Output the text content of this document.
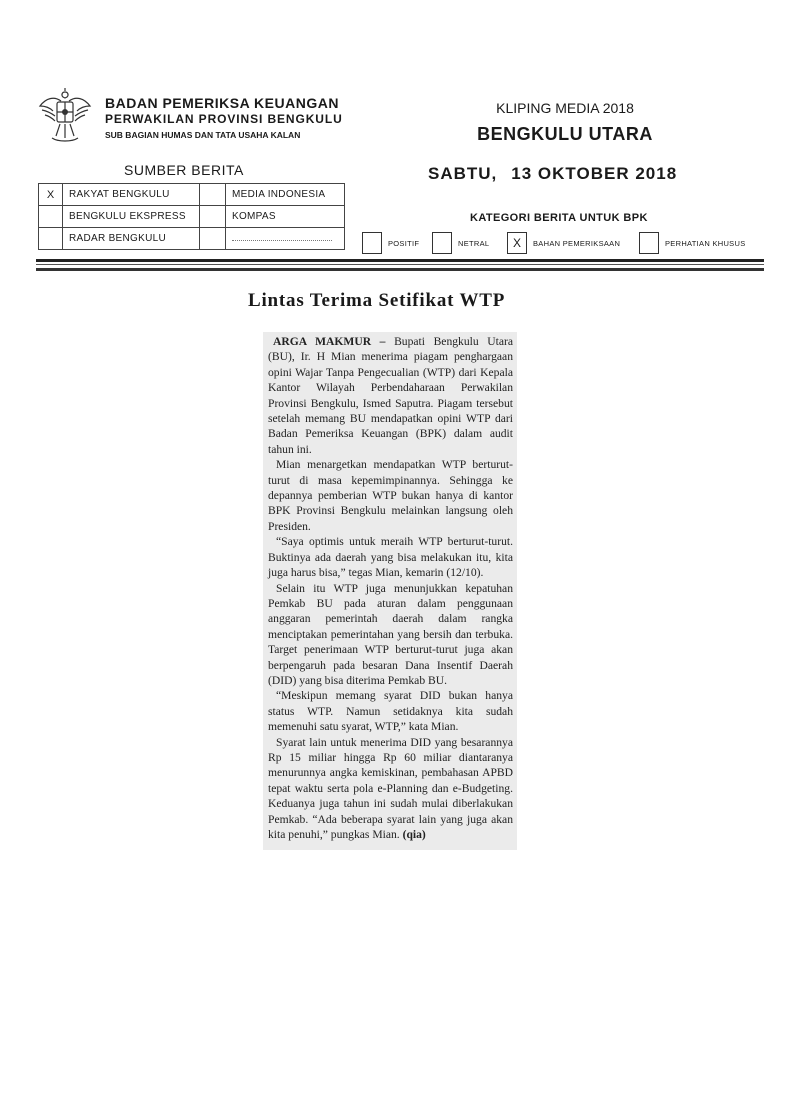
BADAN PEMERIKSA KEUANGAN
PERWAKILAN PROVINSI BENGKULU
SUB BAGIAN HUMAS DAN TATA USAHA KALAN
KLIPING MEDIA 2018
BENGKULU UTARA
SABTU, 13 OKTOBER 2018
SUMBER BERITA
X	RAKYAT BENGKULU		MEDIA INDONESIA
	BENGKULU EKSPRESS		KOMPAS
	RADAR BENGKULU		
KATEGORI BERITA UNTUK BPK
POSITIF	NETRAL	X	BAHAN PEMERIKSAAN	PERHATIAN KHUSUS
Lintas Terima Setifikat WTP

ARGA MAKMUR – Bupati Bengkulu Utara (BU), Ir. H Mian menerima piagam penghargaan opini Wajar Tanpa Pengecualian (WTP) dari Kepala Kantor Wilayah Perbendaharaan Perwakilan Provinsi Bengkulu, Ismed Saputra. Piagam tersebut setelah memang BU mendapatkan opini WTP dari Badan Pemeriksa Keuangan (BPK) dalam audit tahun ini.

Mian menargetkan mendapatkan WTP berturut-turut di masa kepemimpinannya. Sehingga ke depannya pemberian WTP bukan hanya di kantor BPK Provinsi Bengkulu melainkan langsung oleh Presiden.

“Saya optimis untuk meraih WTP berturut-turut. Buktinya ada daerah yang bisa melakukan itu, kita juga harus bisa,” tegas Mian, kemarin (12/10).

Selain itu WTP juga menunjukkan kepatuhan Pemkab BU pada aturan dalam penggunaan anggaran pemerintah daerah dalam rangka menciptakan pemerintahan yang bersih dan terbuka. Target penerimaan WTP berturut-turut juga akan berpengaruh pada besaran Dana Insentif Daerah (DID) yang bisa diterima Pemkab BU.

“Meskipun memang syarat DID bukan hanya status WTP. Namun setidaknya kita sudah memenuhi satu syarat, WTP,” kata Mian.

Syarat lain untuk menerima DID yang besarannya Rp 15 miliar hingga Rp 60 miliar diantaranya menurunnya angka kemiskinan, pembahasan APBD tepat waktu serta pola e-Planning dan e-Budgeting. Keduanya juga tahun ini sudah mulai diberlakukan Pemkab. “Ada beberapa syarat lain yang juga akan kita penuhi,” pungkas Mian. (qia)
